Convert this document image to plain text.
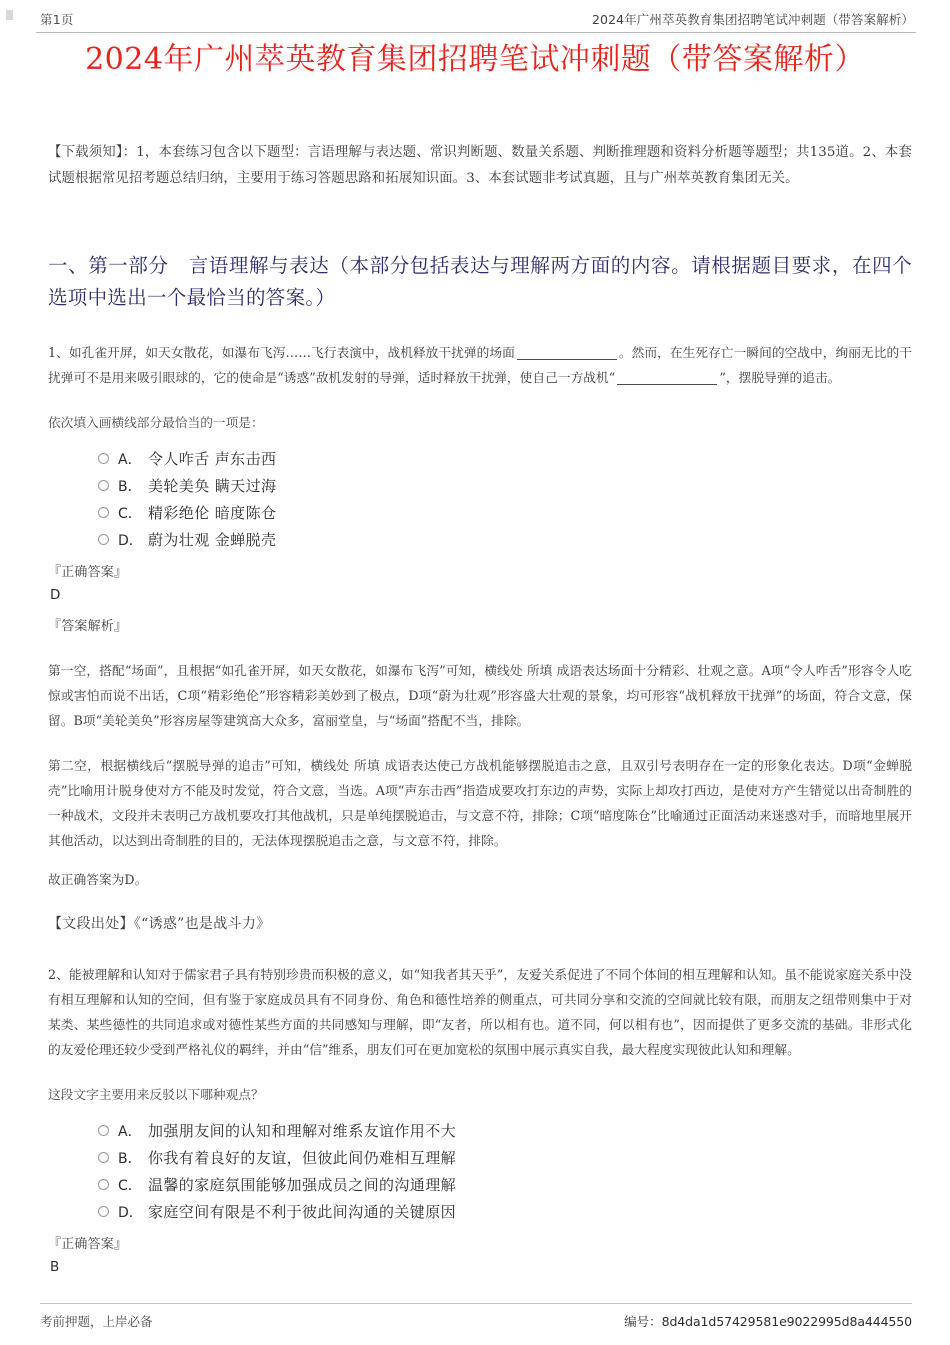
第1页	2024年广州萃英教育集团招聘笔试冲刺题（带答案解析）
2024年广州萃英教育集团招聘笔试冲刺题（带答案解析）

【下载须知】：1，本套练习包含以下题型：言语理解与表达题、常识判断题、数量关系题、判断推理题和资料分析题等题型；共135道。2、本套试题根据常见招考题总结归纳，主要用于练习答题思路和拓展知识面。3、本套试题非考试真题，且与广州萃英教育集团无关。

一、第一部分　言语理解与表达（本部分包括表达与理解两方面的内容。请根据题目要求，在四个选项中选出一个最恰当的答案。）
1、如孔雀开屏，如天女散花，如瀑布飞泻……飞行表演中，战机释放干扰弹的场面	。然而，在生死存亡一瞬间的空战中，绚丽无比的干扰弹可不是用来吸引眼球的，它的使命是“诱惑”敌机发射的导弹，适时释放干扰弹，使自己一方战机“	”，摆脱导弹的追击。
依次填入画横线部分最恰当的一项是：
A． 令人咋舌 声东击西
B． 美轮美奂 瞒天过海
C． 精彩绝伦 暗度陈仓
D． 蔚为壮观 金蝉脱壳
『正确答案』
D
『答案解析』

第一空，搭配“场面”，且根据“如孔雀开屏，如天女散花，如瀑布飞泻”可知，横线处 所填 成语表达场面十分精彩、壮观之意。A项“令人咋舌”形容令人吃惊或害怕而说不出话，C项“精彩绝伦”形容精彩美妙到了极点，D项“蔚为壮观”形容盛大壮观的景象，均可形容“战机释放干扰弹”的场面，符合文意，保留。B项“美轮美奂”形容房屋等建筑高大众多，富丽堂皇，与“场面”搭配不当，排除。

第二空，根据横线后“摆脱导弹的追击”可知，横线处 所填 成语表达使己方战机能够摆脱追击之意，且双引号表明存在一定的形象化表达。D项“金蝉脱壳”比喻用计脱身使对方不能及时发觉，符合文意，当选。A项“声东击西”指造成要攻打东边的声势，实际上却攻打西边，是使对方产生错觉以出奇制胜的一种战术，文段并未表明己方战机要攻打其他战机，只是单纯摆脱追击，与文意不符，排除；C项“暗度陈仓”比喻通过正面活动来迷惑对手，而暗地里展开其他活动，以达到出奇制胜的目的，无法体现摆脱追击之意，与文意不符，排除。

故正确答案为D。

【文段出处】《“诱惑”也是战斗力》

2、能被理解和认知对于儒家君子具有特别珍贵而积极的意义，如“知我者其天乎”，友爱关系促进了不同个体间的相互理解和认知。虽不能说家庭关系中没有相互理解和认知的空间，但有鉴于家庭成员具有不同身份、角色和德性培养的侧重点，可共同分享和交流的空间就比较有限，而朋友之纽带则集中于对某类、某些德性的共同追求或对德性某些方面的共同感知与理解，即“友者，所以相有也。道不同，何以相有也”，因而提供了更多交流的基础。非形式化的友爱伦理还较少受到严格礼仪的羁绊，并由“信”维系，朋友们可在更加宽松的氛围中展示真实自我，最大程度实现彼此认知和理解。

这段文字主要用来反驳以下哪种观点？
A． 加强朋友间的认知和理解对维系友谊作用不大
B． 你我有着良好的友谊，但彼此间仍难相互理解
C． 温馨的家庭氛围能够加强成员之间的沟通理解
D． 家庭空间有限是不利于彼此间沟通的关键原因
『正确答案』
B
考前押题，上岸必备	编号：8d4da1d57429581e9022995d8a444550
